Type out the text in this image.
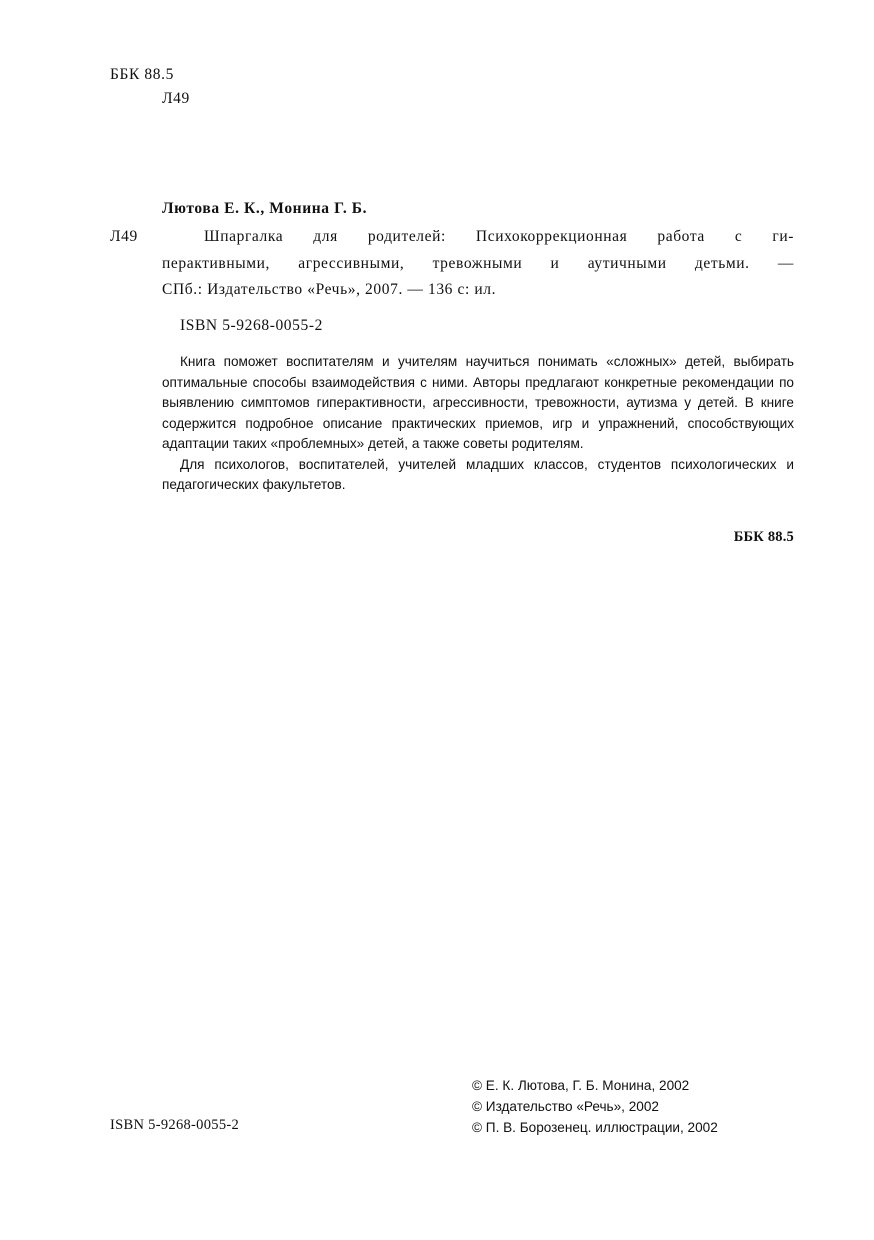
ББК 88.5
Л49
Лютова Е. К., Монина Г. Б.
Л49	Шпаргалка для родителей: Психокоррекционная работа с ги-
перактивными, агрессивными, тревожными и аутичными детьми. —
СПб.: Издательство «Речь», 2007. — 136 с: ил.
ISBN 5-9268-0055-2

Книга поможет воспитателям и учителям научиться понимать «сложных» детей, выбирать оптимальные способы взаимодействия с ними. Авторы предлагают конкретные рекомендации по выявлению симптомов гиперактивности, агрессивности, тревожности, аутизма у детей. В книге содержится подробное описание практических приемов, игр и упражнений, способствующих адаптации таких «проблемных» детей, а также советы родителям.

Для психологов, воспитателей, учителей младших классов, студентов психологических и педагогических факультетов.

ББК 88.5
ISBN 5-9268-0055-2
© Е. К. Лютова, Г. Б. Монина, 2002
© Издательство «Речь», 2002
© П. В. Борозенец. иллюстрации, 2002
